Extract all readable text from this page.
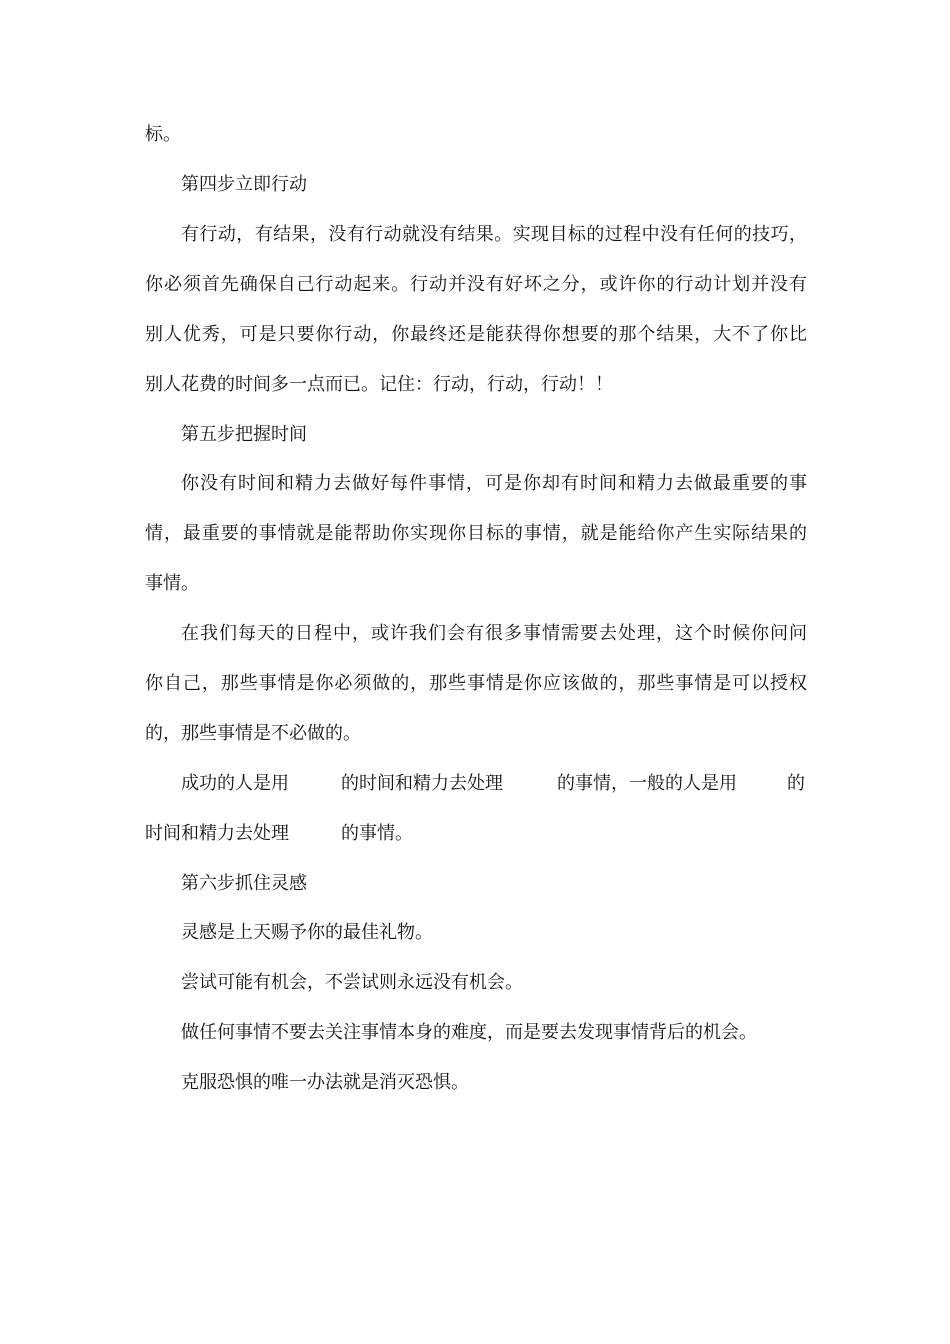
标。

第四步立即行动

有行动，有结果，没有行动就没有结果。实现目标的过程中没有任何的技巧，

你必须首先确保自己行动起来。行动并没有好坏之分，或许你的行动计划并没有

别人优秀，可是只要你行动，你最终还是能获得你想要的那个结果，大不了你比

别人花费的时间多一点而已。记住：行动，行动，行动！！

第五步把握时间

你没有时间和精力去做好每件事情，可是你却有时间和精力去做最重要的事

情，最重要的事情就是能帮助你实现你目标的事情，就是能给你产生实际结果的

事情。

在我们每天的日程中，或许我们会有很多事情需要去处理，这个时候你问问

你自己，那些事情是你必须做的，那些事情是你应该做的，那些事情是可以授权

的，那些事情是不必做的。

成功的人是用	的时间和精力去处理	的事情，一般的人是用	的
时间和精力去处理	的事情。

第六步抓住灵感

灵感是上天赐予你的最佳礼物。

尝试可能有机会，不尝试则永远没有机会。

做任何事情不要去关注事情本身的难度，而是要去发现事情背后的机会。

克服恐惧的唯一办法就是消灭恐惧。
